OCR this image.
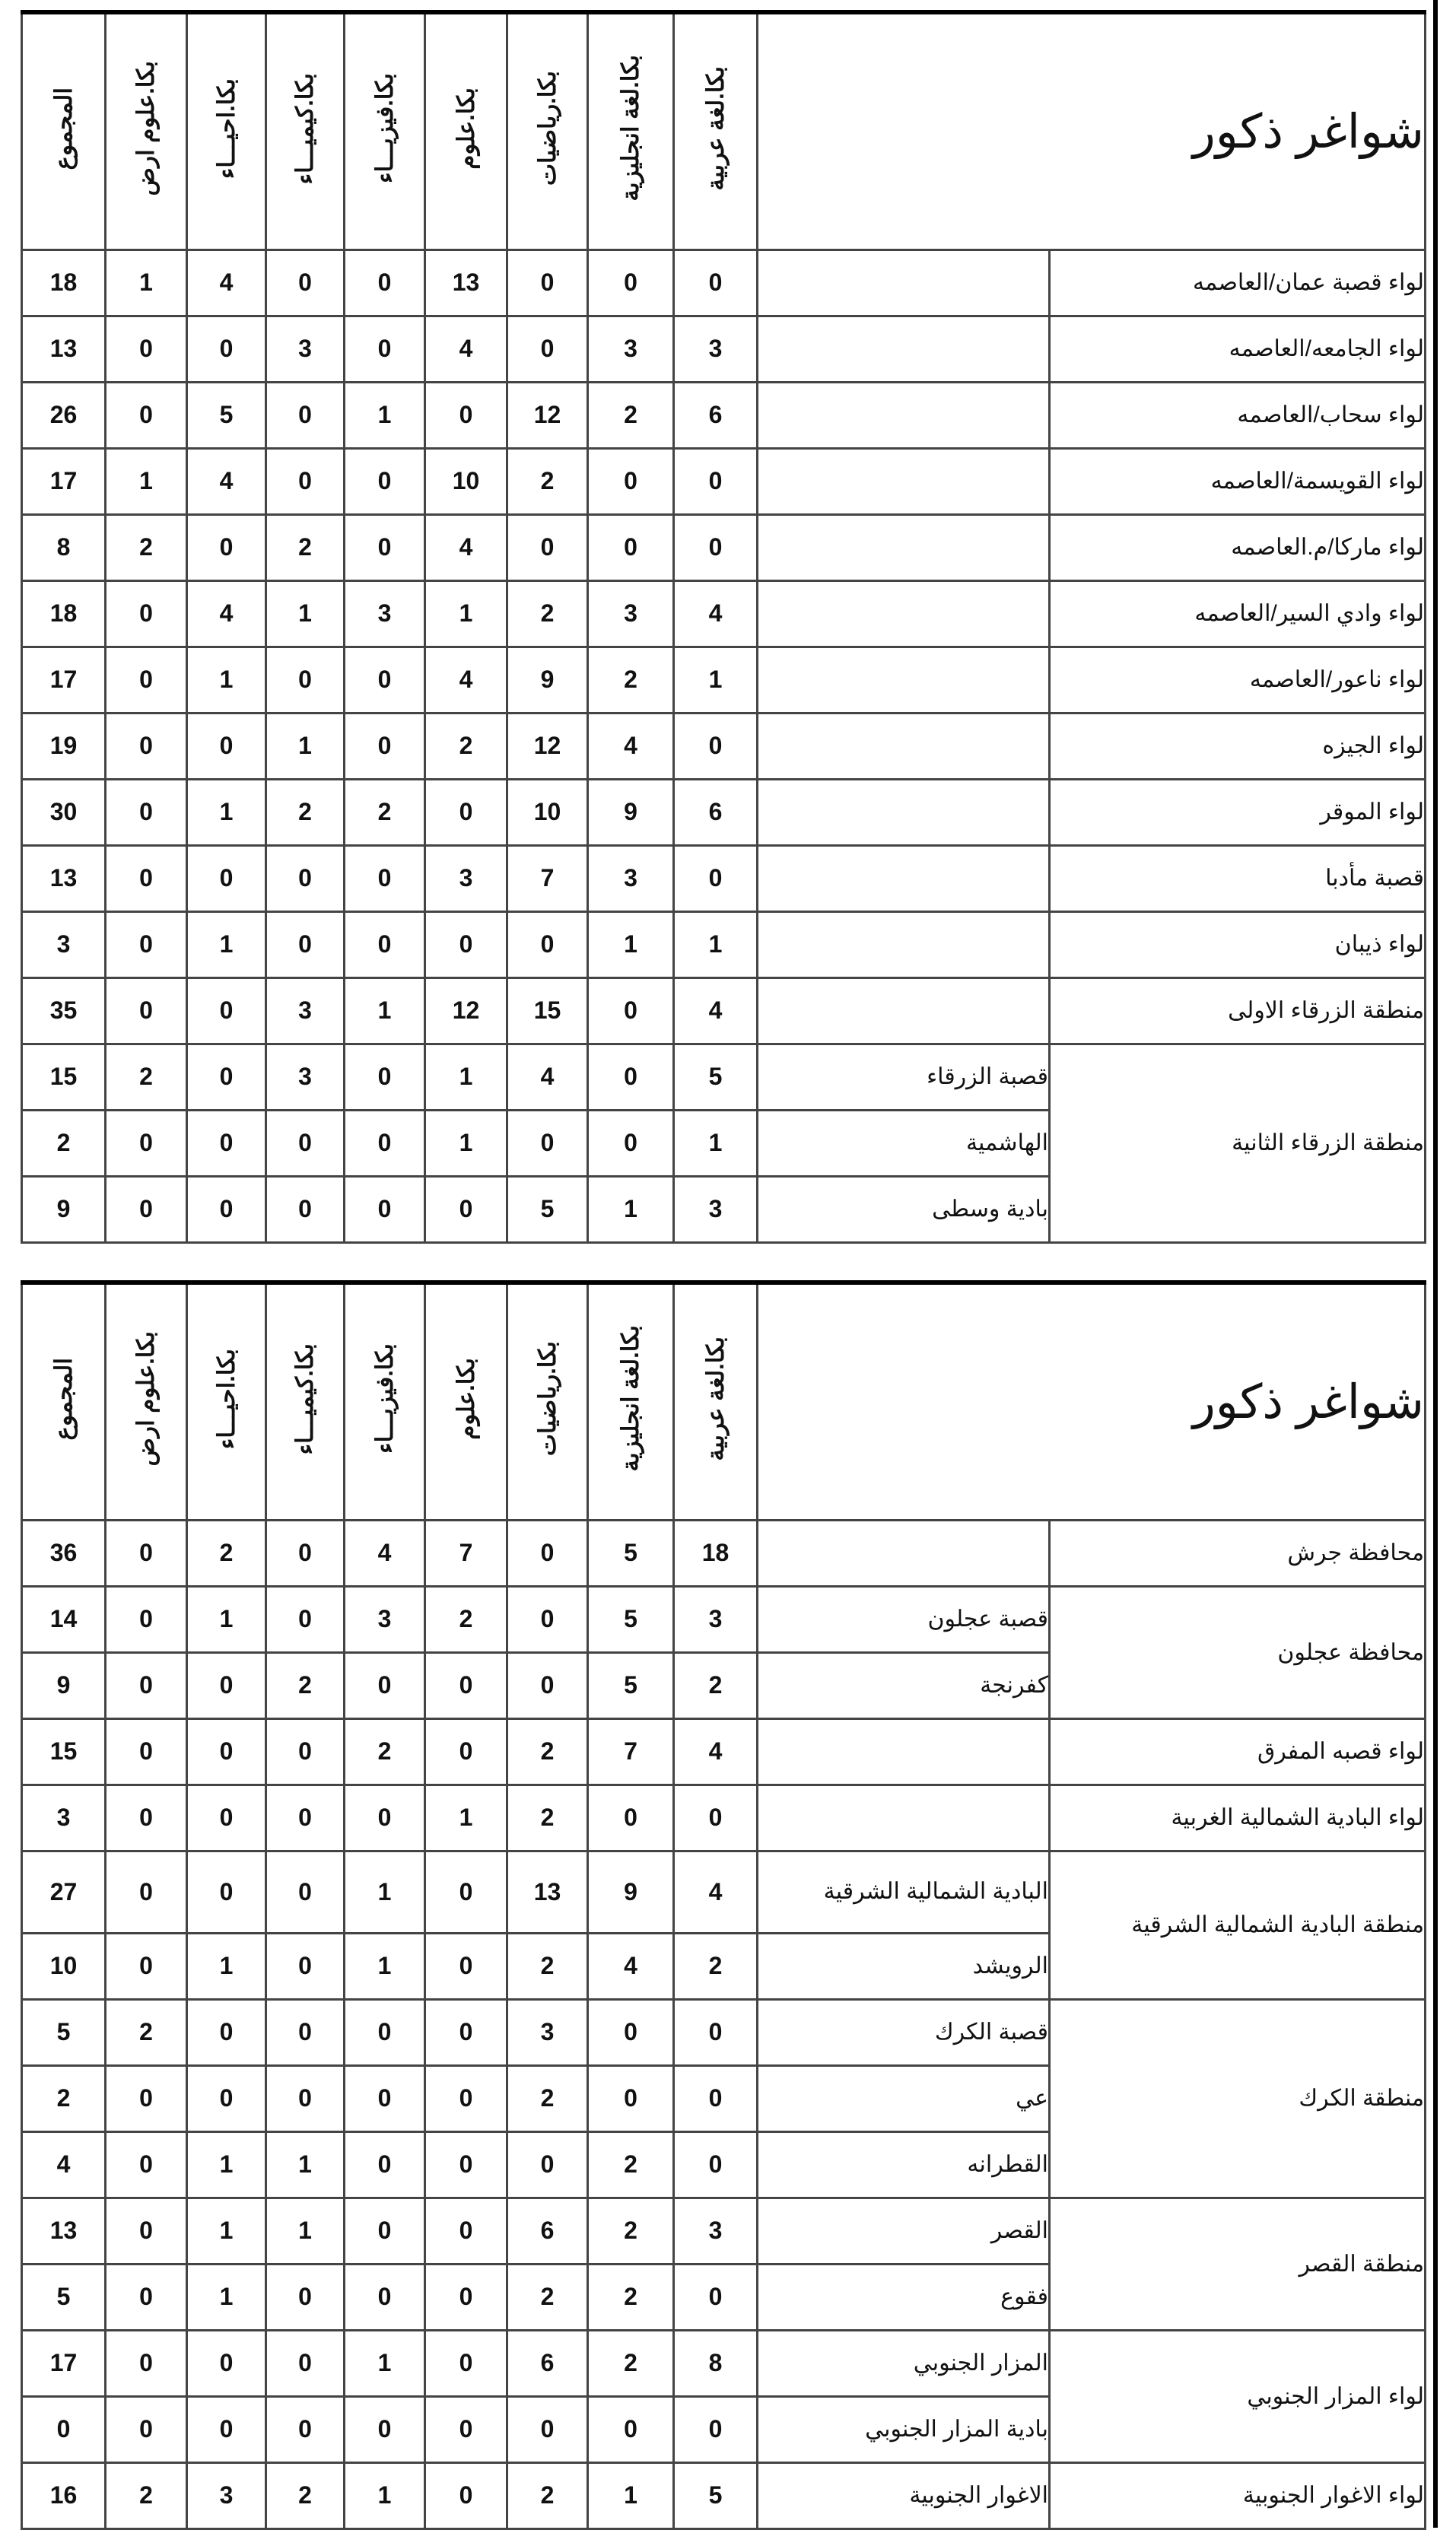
شواغر ذكور		بكا.لغة عربية	بكا.لغة انجليزية	بكا.رياضيات	بكا.علوم	بكا.فيزيـــاء	بكا.كيميـــاء	بكا.احيـــاء	بكا.علوم ارض	المجموع
لواء قصبة عمان/العاصمه		0	0	0	13	0	0	4	1	18
لواء الجامعه/العاصمه		3	3	0	4	0	3	0	0	13
لواء سحاب/العاصمه		6	2	12	0	1	0	5	0	26
لواء القويسمة/العاصمه		0	0	2	10	0	0	4	1	17
لواء ماركا/م.العاصمه		0	0	0	4	0	2	0	2	8
لواء وادي السير/العاصمه		4	3	2	1	3	1	4	0	18
لواء ناعور/العاصمه		1	2	9	4	0	0	1	0	17
لواء الجيزه		0	4	12	2	0	1	0	0	19
لواء الموقر		6	9	10	0	2	2	1	0	30
قصبة مأدبا		0	3	7	3	0	0	0	0	13
لواء ذيبان		1	1	0	0	0	0	1	0	3
منطقة الزرقاء الاولى		4	0	15	12	1	3	0	0	35
منطقة الزرقاء الثانية	قصبة الزرقاء	5	0	4	1	0	3	0	2	15
	الهاشمية	1	0	0	1	0	0	0	0	2
	بادية وسطى	3	1	5	0	0	0	0	0	9
شواغر ذكور		بكا.لغة عربية	بكا.لغة انجليزية	بكا.رياضيات	بكا.علوم	بكا.فيزيـــاء	بكا.كيميـــاء	بكا.احيـــاء	بكا.علوم ارض	المجموع
محافظة جرش		18	5	0	7	4	0	2	0	36
محافظة عجلون	قصبة عجلون	3	5	0	2	3	0	1	0	14
	كفرنجة	2	5	0	0	0	2	0	0	9
لواء قصبه المفرق		4	7	2	0	2	0	0	0	15
لواء البادية الشمالية الغربية		0	0	2	1	0	0	0	0	3
منطقة البادية الشمالية الشرقية	البادية الشمالية الشرقية	4	9	13	0	1	0	0	0	27
	الرويشد	2	4	2	0	1	0	1	0	10
منطقة الكرك	قصبة الكرك	0	0	3	0	0	0	0	2	5
	عي	0	0	2	0	0	0	0	0	2
	القطرانه	0	2	0	0	0	1	1	0	4
منطقة القصر	القصر	3	2	6	0	0	1	1	0	13
	فقوع	0	2	2	0	0	0	1	0	5
لواء المزار الجنوبي	المزار الجنوبي	8	2	6	0	1	0	0	0	17
	بادية المزار الجنوبي	0	0	0	0	0	0	0	0	0
لواء الاغوار الجنوبية	الاغوار الجنوبية	5	1	2	0	1	2	3	2	16
